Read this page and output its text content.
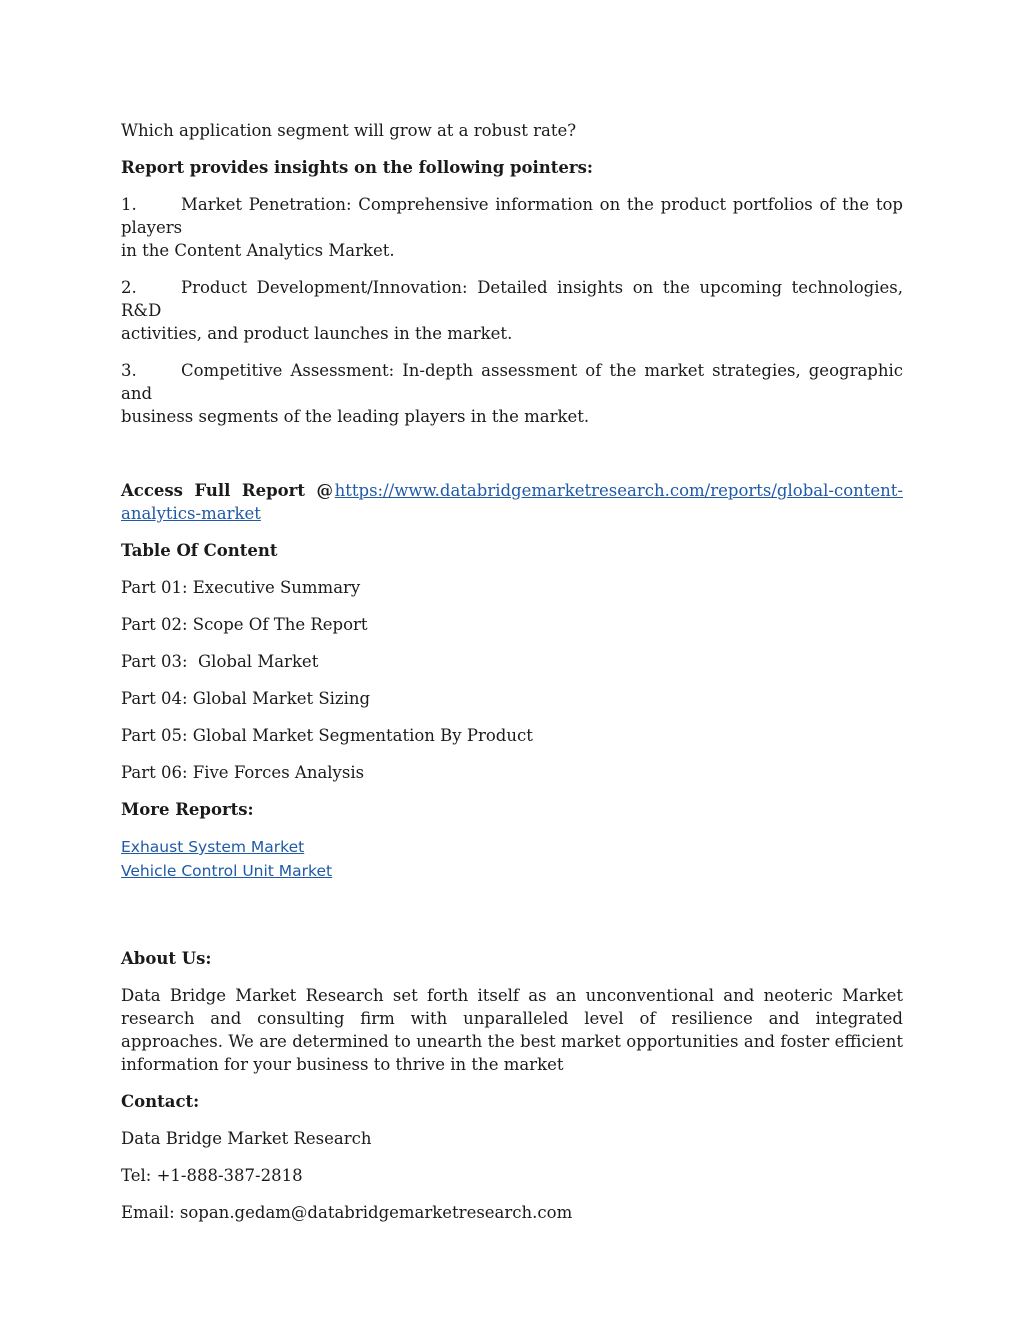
Which application segment will grow at a robust rate?

Report provides insights on the following pointers:

1.	Market Penetration: Comprehensive information on the product portfolios of the top players
in the Content Analytics Market.

2.	Product Development/Innovation: Detailed insights on the upcoming technologies, R&D
activities, and product launches in the market.

3.	Competitive Assessment: In-depth assessment of the market strategies, geographic and
business segments of the leading players in the market.

Access Full Report @ https://www.databridgemarketresearch.com/reports/global-content-
analytics-market

Table Of Content

Part 01: Executive Summary

Part 02: Scope Of The Report

Part 03:  Global Market

Part 04: Global Market Sizing

Part 05: Global Market Segmentation By Product

Part 06: Five Forces Analysis

More Reports:

Exhaust System Market

Vehicle Control Unit Market

About Us:

Data Bridge Market Research set forth itself as an unconventional and neoteric Market research and consulting firm with unparalleled level of resilience and integrated approaches. We are determined to unearth the best market opportunities and foster efficient information for your business to thrive in the market

Contact:

Data Bridge Market Research

Tel: +1-888-387-2818

Email: sopan.gedam@databridgemarketresearch.com
